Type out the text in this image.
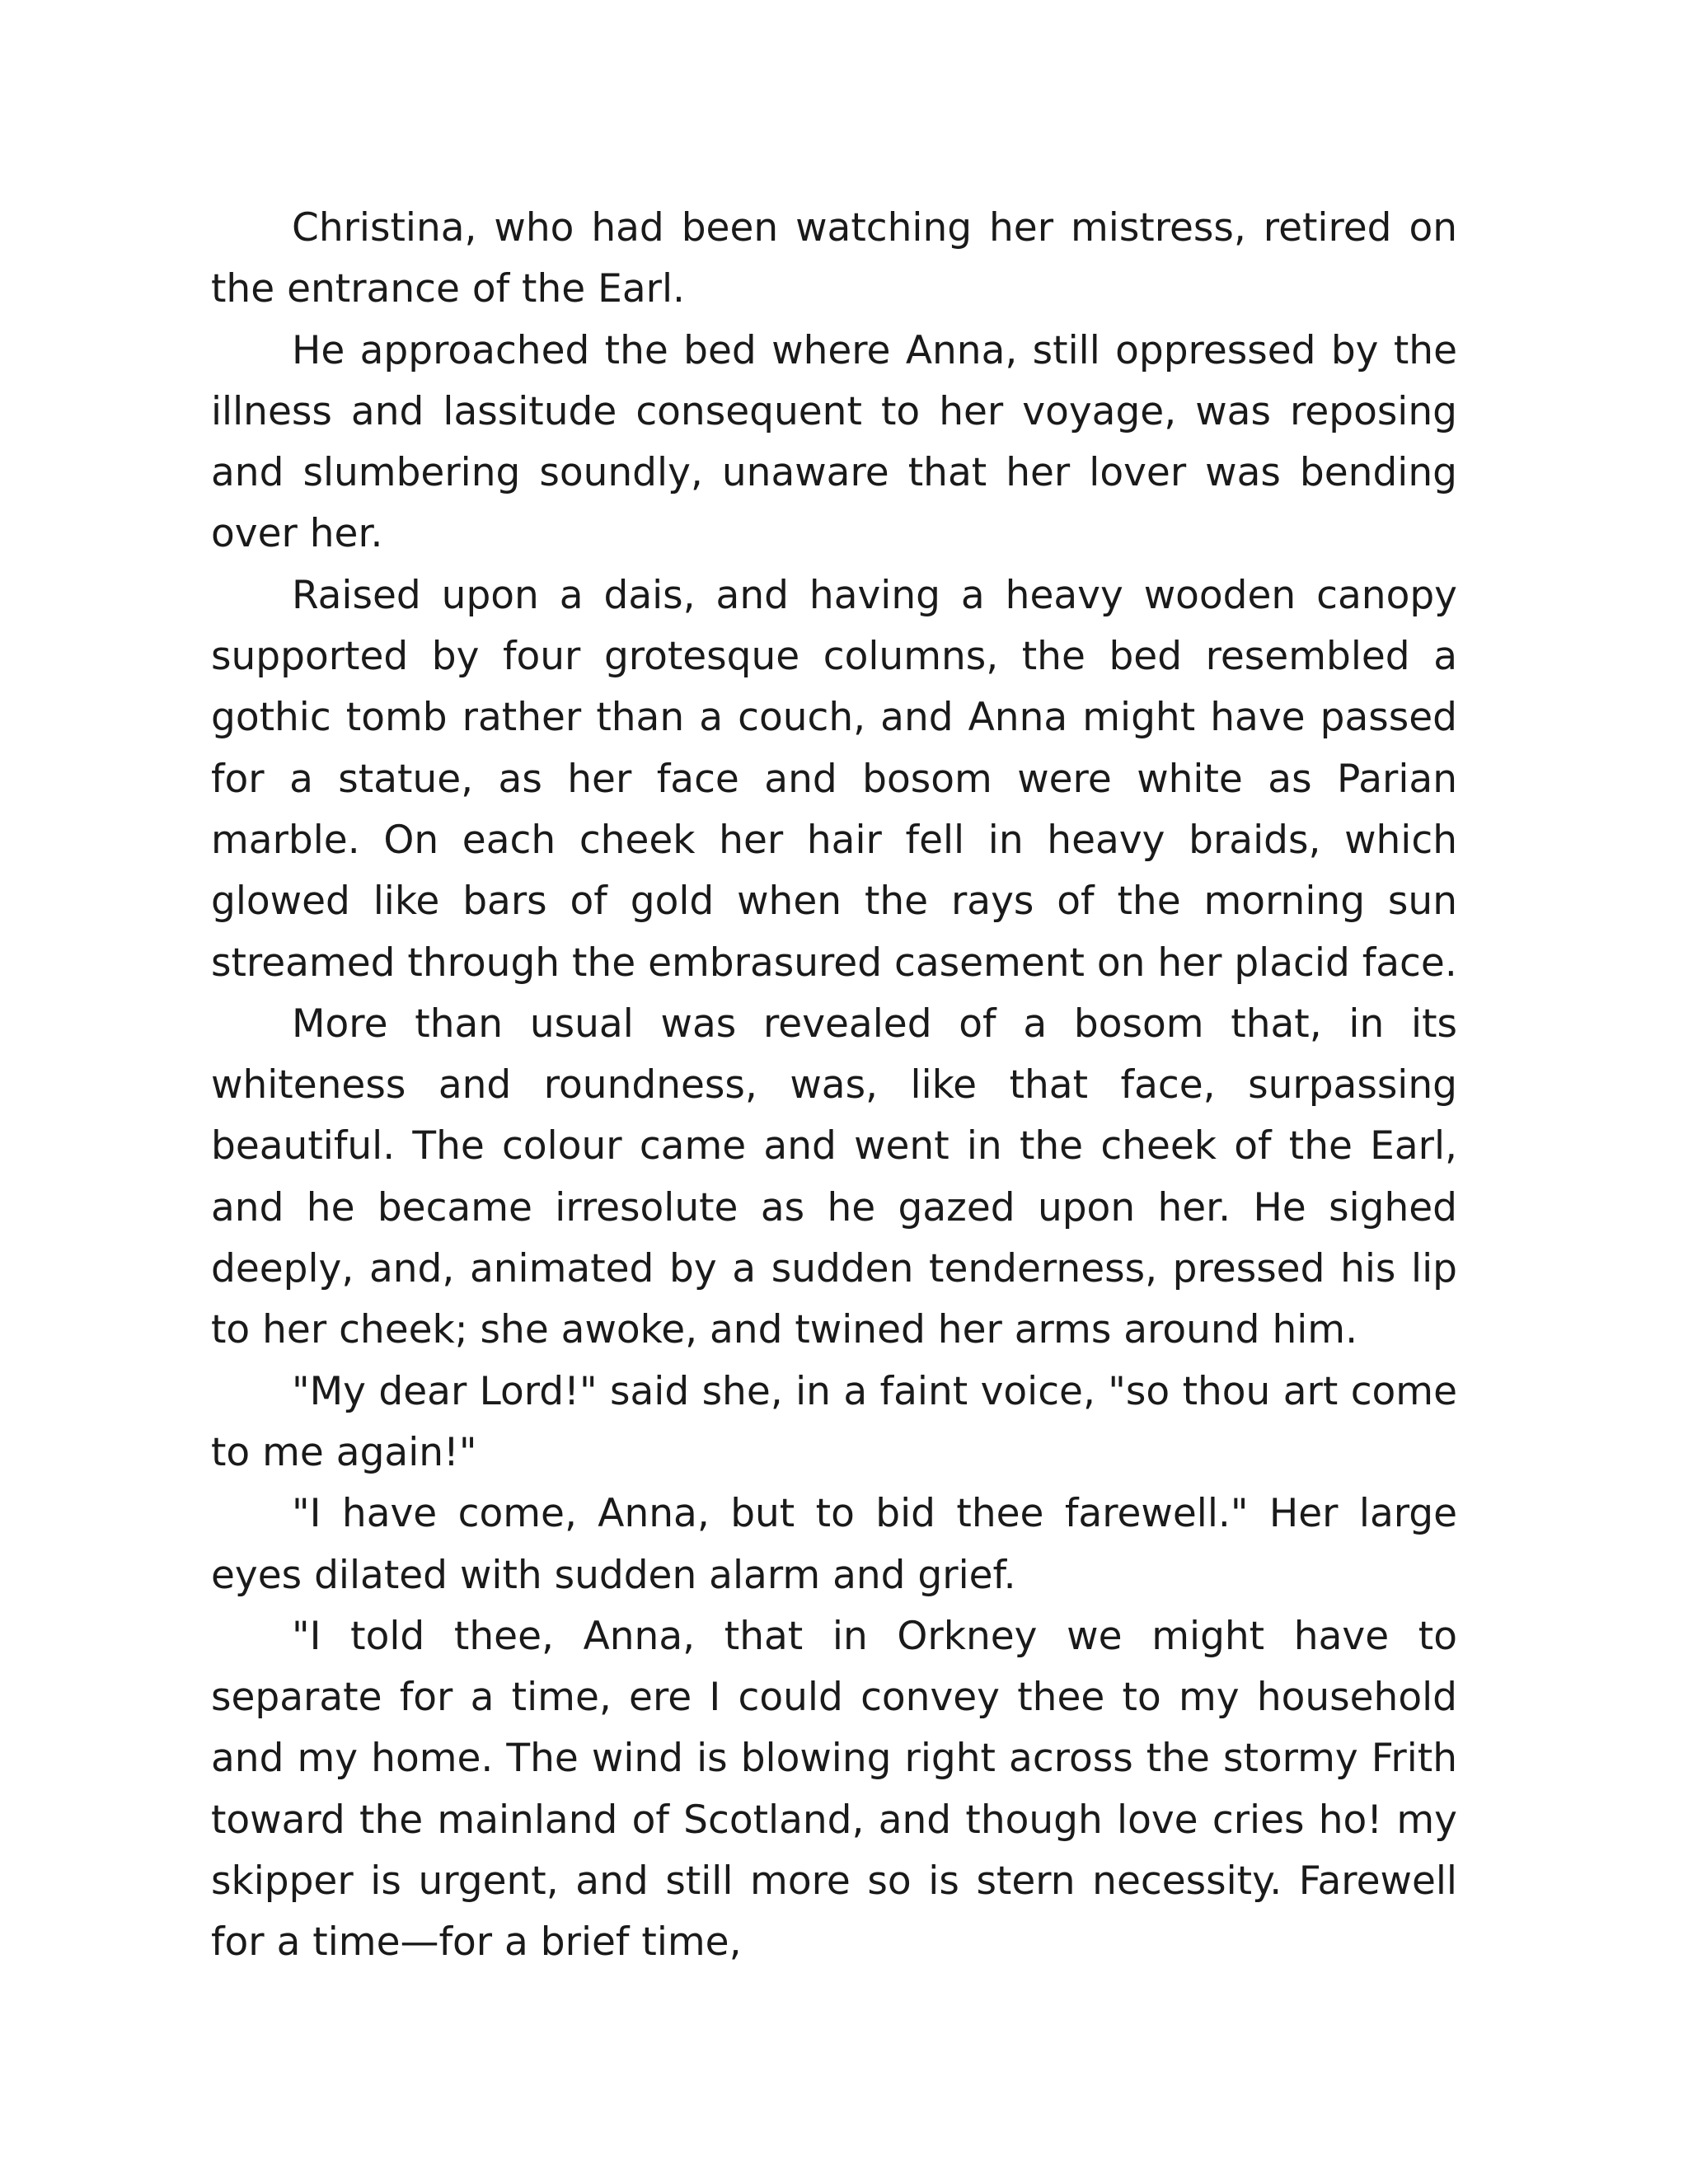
Christina, who had been watching her mistress, retired on the entrance of the Earl.

He approached the bed where Anna, still oppressed by the illness and lassitude consequent to her voyage, was reposing and slumbering soundly, unaware that her lover was bending over her.

Raised upon a dais, and having a heavy wooden canopy supported by four grotesque columns, the bed resembled a gothic tomb rather than a couch, and Anna might have passed for a statue, as her face and bosom were white as Parian marble. On each cheek her hair fell in heavy braids, which glowed like bars of gold when the rays of the morning sun streamed through the embrasured casement on her placid face.

More than usual was revealed of a bosom that, in its whiteness and roundness, was, like that face, surpassing beautiful. The colour came and went in the cheek of the Earl, and he became irresolute as he gazed upon her. He sighed deeply, and, animated by a sudden tenderness, pressed his lip to her cheek; she awoke, and twined her arms around him.

"My dear Lord!" said she, in a faint voice, "so thou art come to me again!"

"I have come, Anna, but to bid thee farewell." Her large eyes dilated with sudden alarm and grief.

"I told thee, Anna, that in Orkney we might have to separate for a time, ere I could convey thee to my household and my home. The wind is blowing right across the stormy Frith toward the mainland of Scotland, and though love cries ho! my skipper is urgent, and still more so is stern necessity. Farewell for a time—for a brief time,
